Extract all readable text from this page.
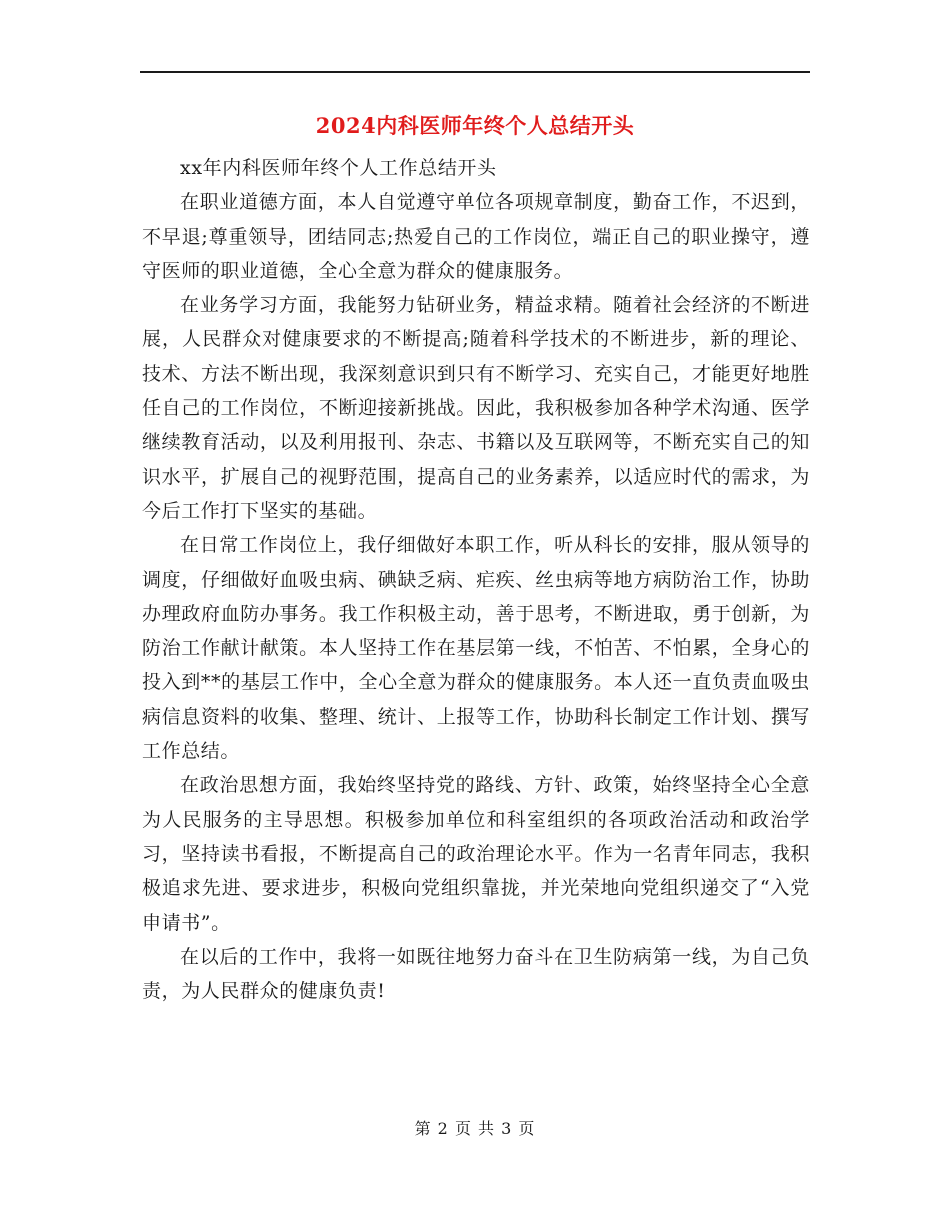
2024内科医师年终个人总结开头

xx年内科医师年终个人工作总结开头

在职业道德方面，本人自觉遵守单位各项规章制度，勤奋工作，不迟到，不早退;尊重领导，团结同志;热爱自己的工作岗位，端正自己的职业操守，遵守医师的职业道德，全心全意为群众的健康服务。

在业务学习方面，我能努力钻研业务，精益求精。随着社会经济的不断进展，人民群众对健康要求的不断提高;随着科学技术的不断进步，新的理论、技术、方法不断出现，我深刻意识到只有不断学习、充实自己，才能更好地胜任自己的工作岗位，不断迎接新挑战。因此，我积极参加各种学术沟通、医学继续教育活动，以及利用报刊、杂志、书籍以及互联网等，不断充实自己的知识水平，扩展自己的视野范围，提高自己的业务素养，以适应时代的需求，为今后工作打下坚实的基础。

在日常工作岗位上，我仔细做好本职工作，听从科长的安排，服从领导的调度，仔细做好血吸虫病、碘缺乏病、疟疾、丝虫病等地方病防治工作，协助办理政府血防办事务。我工作积极主动，善于思考，不断进取，勇于创新，为防治工作献计献策。本人坚持工作在基层第一线，不怕苦、不怕累，全身心的投入到**的基层工作中，全心全意为群众的健康服务。本人还一直负责血吸虫病信息资料的收集、整理、统计、上报等工作，协助科长制定工作计划、撰写工作总结。

在政治思想方面，我始终坚持党的路线、方针、政策，始终坚持全心全意为人民服务的主导思想。积极参加单位和科室组织的各项政治活动和政治学习，坚持读书看报，不断提高自己的政治理论水平。作为一名青年同志，我积极追求先进、要求进步，积极向党组织靠拢，并光荣地向党组织递交了“入党申请书”。

在以后的工作中，我将一如既往地努力奋斗在卫生防病第一线，为自己负责，为人民群众的健康负责!

第 2 页 共 3 页
